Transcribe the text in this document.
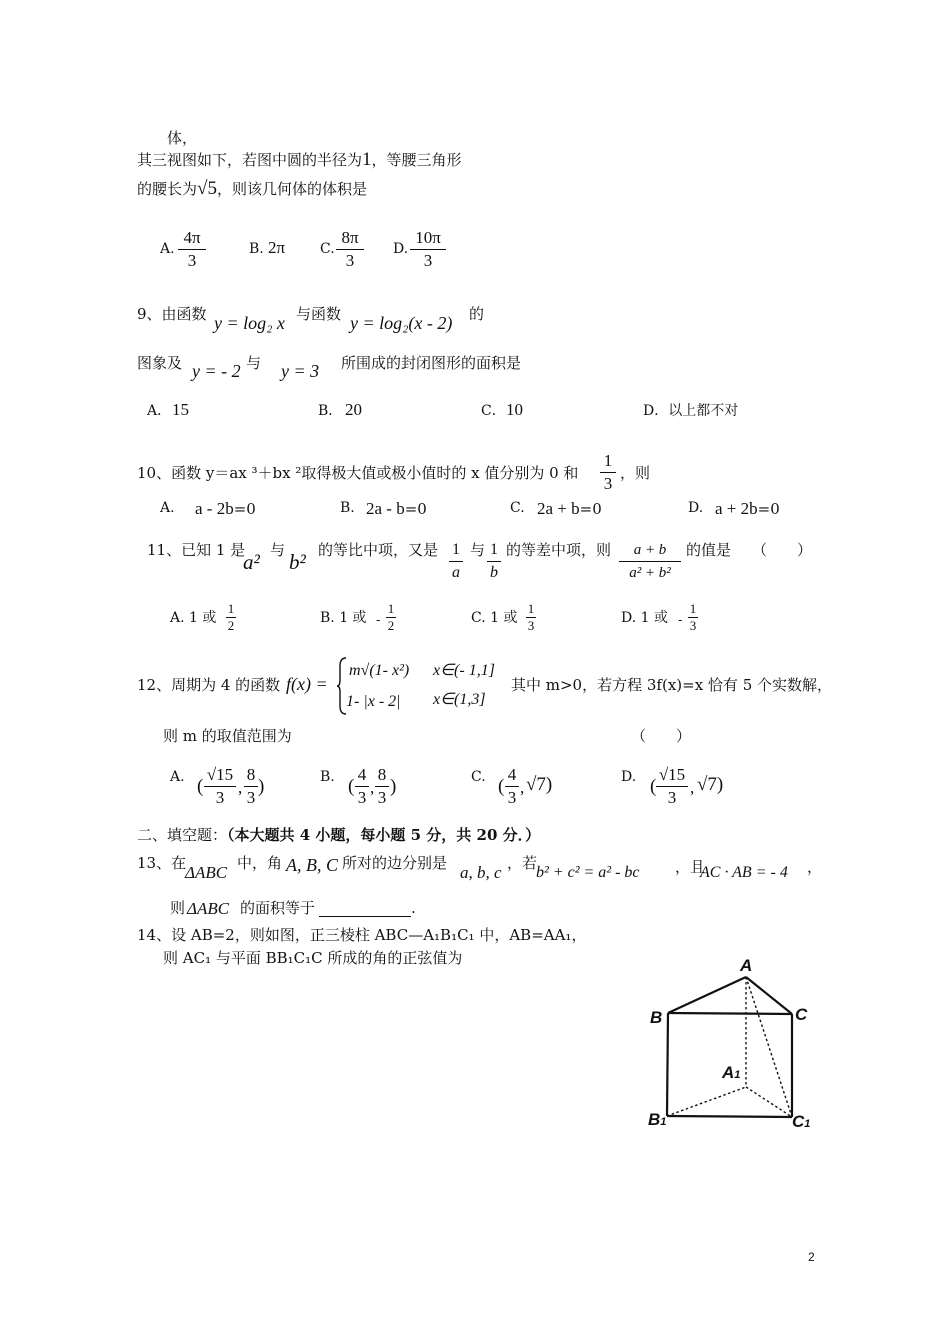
体，
其三视图如下，若图中圆的半径为1，等腰三角形
的腰长为√5，则该几何体的体积是
A.
4π
3
B. 2π C.
8π
3
D.
10π
3
9、由函数 y = log₂ x 与函数 y = log₂(x - 2) 的
图象及 y = - 2 与 y = 3 所围成的封闭图形的面积是
A． 15	B． 20	C． 10	D．以上都不对
10、函数 y＝ax ³＋bx ²取得极大值或极小值时的 x 值分别为 0 和
1
3
，则
A. a - 2b=0	B. 2a - b=0	C. 2a + b=0	D. a + 2b=0
11、已知 1 是
a² 与 b² 的等比中项，又是 1
a
与 1
b
的等差中项，则	a + b
a² + b²
的值是 （　　）
A. 1 或
1
2	B. 1 或 -
1
2	C. 1 或
1
3	D. 1 或 -
1
3
12、周期为 4 的函数 f(x) =
m√(1- x²) x∈(- 1,1]
1- |x - 2| x∈(1,3]
其中 m>0，若方程 3f(x)=x 恰有 5 个实数解，
则 m 的取值范围为	（　　）
A. (
√15
3
,
8
3
)	B. (
4
3
,
8
3
)	C. (
4
3
, √7)	D. (
√15
3
, √7)
二、填空题：（本大题共 4 小题，每小题 5 分，共 20 分．）
13、在
ΔABC 中，角 A, B, C 所对的边分别是 a, b, c ，若
b² + c² = a² - bc ，且
AC · AB = - 4 ，
则 ΔABC 的面积等于	.
14、设 AB=2，则如图，正三棱柱 ABC—A₁B₁C₁ 中，AB=AA₁，
则 AC₁ 与平面 BB₁C₁C 所成的角的正弦值为	A
B	C
A1
B1	C1
2
